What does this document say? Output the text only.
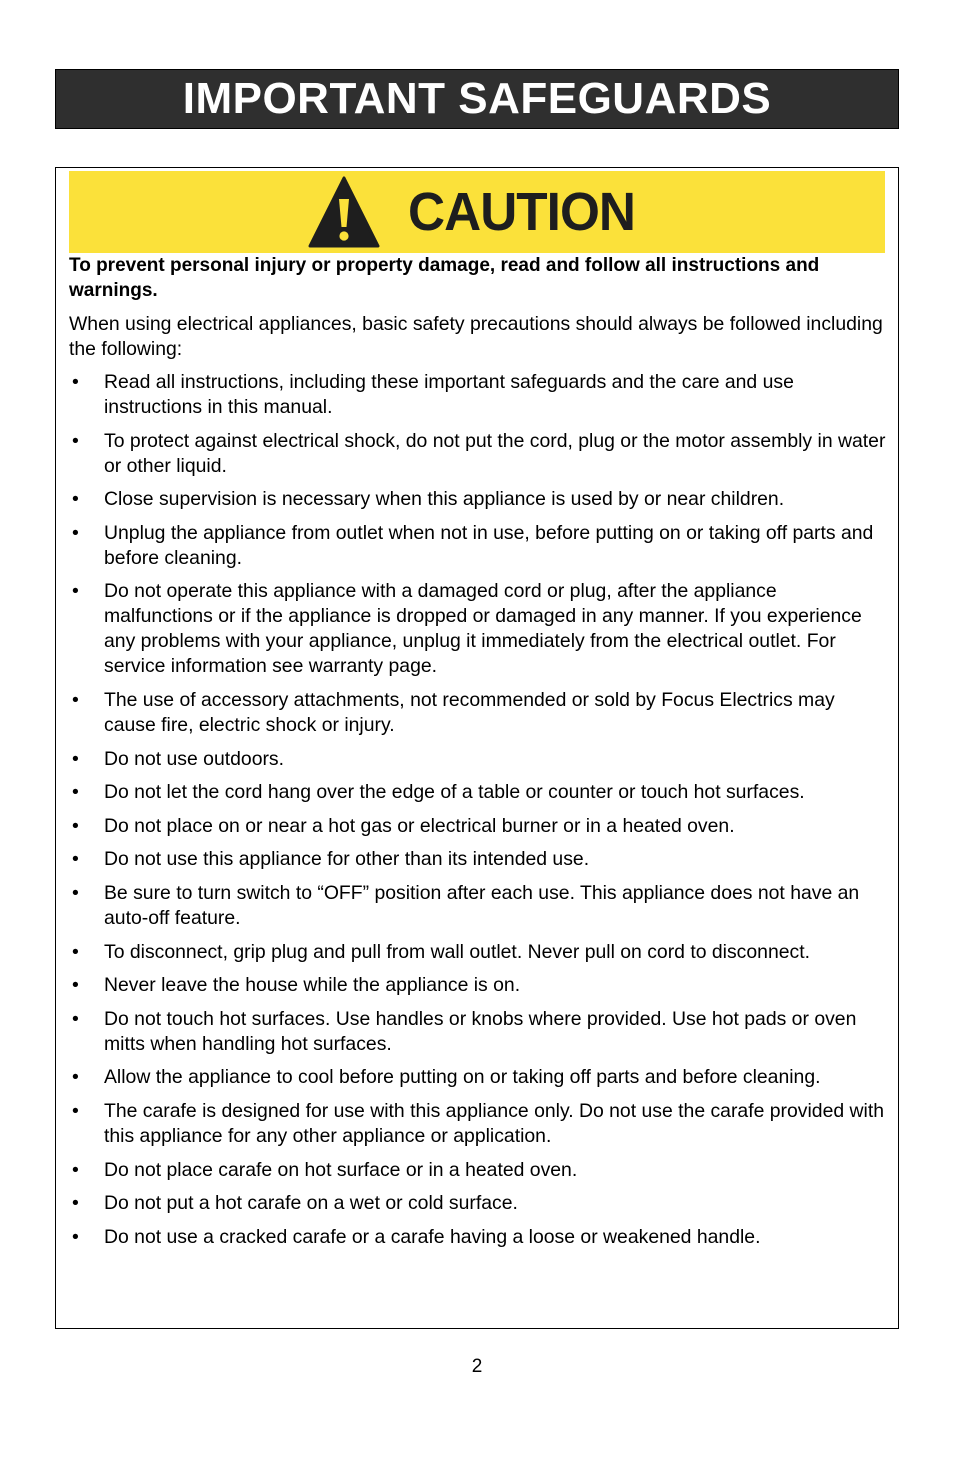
IMPORTANT SAFEGUARDS
CAUTION

To prevent personal injury or property damage, read and follow all instructions and warnings.

When using electrical appliances, basic safety precautions should always be followed including the following:

• Read all instructions, including these important safeguards and the care and use instructions in this manual.
• To protect against electrical shock, do not put the cord, plug or the motor assembly in water or other liquid.
• Close supervision is necessary when this appliance is used by or near children.
• Unplug the appliance from outlet when not in use, before putting on or taking off parts and before cleaning.
• Do not operate this appliance with a damaged cord or plug, after the appliance malfunctions or if the appliance is dropped or damaged in any manner. If you experience any problems with your appliance, unplug it immediately from the electrical outlet. For service information see warranty page.
• The use of accessory attachments, not recommended or sold by Focus Electrics may cause fire, electric shock or injury.
• Do not use outdoors.
• Do not let the cord hang over the edge of a table or counter or touch hot surfaces.
• Do not place on or near a hot gas or electrical burner or in a heated oven.
• Do not use this appliance for other than its intended use.
• Be sure to turn switch to “OFF” position after each use. This appliance does not have an auto-off feature.
• To disconnect, grip plug and pull from wall outlet. Never pull on cord to disconnect.
• Never leave the house while the appliance is on.
• Do not touch hot surfaces. Use handles or knobs where provided. Use hot pads or oven mitts when handling hot surfaces.
• Allow the appliance to cool before putting on or taking off parts and before cleaning.
• The carafe is designed for use with this appliance only. Do not use the carafe provided with this appliance for any other appliance or application.
• Do not place carafe on hot surface or in a heated oven.
• Do not put a hot carafe on a wet or cold surface.
• Do not use a cracked carafe or a carafe having a loose or weakened handle.
2
